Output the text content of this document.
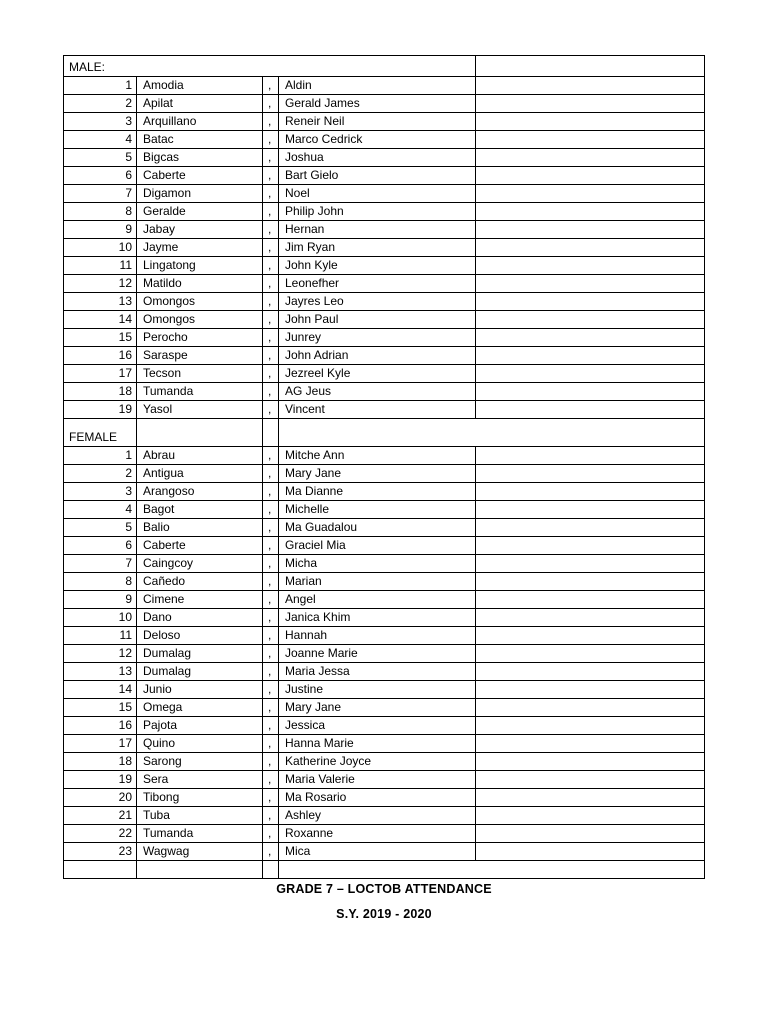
MALE:				
1	Amodia	,	Aldin	
2	Apilat	,	Gerald James	
3	Arquillano	,	Reneir Neil	
4	Batac	,	Marco Cedrick	
5	Bigcas	,	Joshua	
6	Caberte	,	Bart Gielo	
7	Digamon	,	Noel	
8	Geralde	,	Philip John	
9	Jabay	,	Hernan	
10	Jayme	,	Jim Ryan	
11	Lingatong	,	John Kyle	
12	Matildo	,	Leonefher	
13	Omongos	,	Jayres Leo	
14	Omongos	,	John Paul	
15	Perocho	,	Junrey	
16	Saraspe	,	John Adrian	
17	Tecson	,	Jezreel Kyle	
18	Tumanda	,	AG Jeus	
19	Yasol	,	Vincent	
FEMALE				
1	Abrau	,	Mitche Ann	
2	Antigua	,	Mary Jane	
3	Arangoso	,	Ma Dianne	
4	Bagot	,	Michelle	
5	Balio	,	Ma Guadalou	
6	Caberte	,	Graciel Mia	
7	Caingcoy	,	Micha	
8	Cañedo	,	Marian	
9	Cimene	,	Angel	
10	Dano	,	Janica Khim	
11	Deloso	,	Hannah	
12	Dumalag	,	Joanne Marie	
13	Dumalag	,	Maria Jessa	
14	Junio	,	Justine	
15	Omega	,	Mary Jane	
16	Pajota	,	Jessica	
17	Quino	,	Hanna Marie	
18	Sarong	,	Katherine Joyce	
19	Sera	,	Maria Valerie	
20	Tibong	,	Ma Rosario	
21	Tuba	,	Ashley	
22	Tumanda	,	Roxanne	
23	Wagwag	,	Mica	

GRADE 7 – LOCTOB ATTENDANCE
S.Y. 2019 - 2020
